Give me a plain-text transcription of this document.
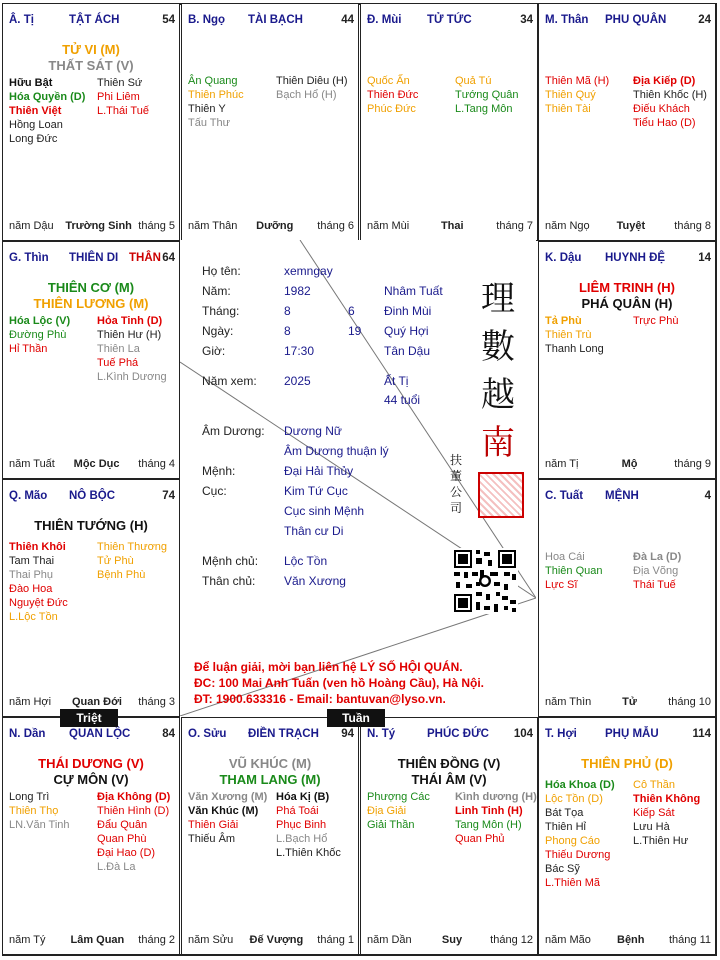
Â. Tị	TẬT ÁCH	54
TỬ VI (M)
THẤT SÁT (V)
Hữu Bật
Hóa Quyền (D)
Thiên Việt
Hồng Loan
Long Đức
Thiên Sứ
Phi Liêm
L.Thái Tuế
năm Dậu Trường Sinh tháng 5
B. Ngọ TÀI BẠCH	44
Ân Quang
Thiên Phúc
Thiên Y
Tấu Thư
Thiên Diêu (H)
Bạch Hổ (H)
năm Thân Dưỡng tháng 6
Đ. Mùi TỬ TỨC	34
Quốc Ấn
Thiên Đức
Phúc Đức
Quả Tú
Tướng Quân
L.Tang Môn
năm Mùi	Thai	tháng 7
M. Thân PHU QUÂN	24
Thiên Mã (H)
Thiên Quý
Thiên Tài
Địa Kiếp (D)
Thiên Khốc (H)
Điếu Khách
Tiểu Hao (D)
năm Ngọ Tuyệt	tháng 8
G. Thìn THIÊN DI THÂN 64
THIÊN CƠ (M)
THIÊN LƯƠNG (M)
Hóa Lộc (V)
Đường Phù
Hỉ Thần
Hỏa Tinh (D)
Thiên Hư (H)
Thiên La
Tuế Phá
L.Kình Dương
năm Tuất Mộc Dục tháng 4
K. Dậu HUYNH ĐỆ	14
LIÊM TRINH (H)
PHÁ QUÂN (H)
Tả Phù
Thiên Trù
Thanh Long
Trực Phù
năm Tị	Mộ	tháng 9
Q. Mão NÔ BỘC	74
THIÊN TƯỚNG (H)
Thiên Khôi
Tam Thai
Thai Phụ
Đào Hoa
Nguyệt Đức
L.Lộc Tồn
Thiên Thương
Tử Phù
Bệnh Phù
năm Hợi Quan Đới tháng 3
C. Tuất MỆNH	4
Hoa Cái
Thiên Quan
Lực Sĩ
Đà La (D)
Địa Võng
Thái Tuế
năm Thìn	Tử	tháng 10
N. Dần QUAN LỘC	84
THÁI DƯƠNG (V)
CỰ MÔN (V)
Long Trì
Thiên Thọ
LN.Văn Tinh
Địa Không (D)
Thiên Hình (D)
Đẩu Quân
Quan Phù
Đại Hao (D)
L.Đà La
năm Tý Lâm Quan tháng 2
O. Sửu ĐIỀN TRẠCH 94
VŨ KHÚC (M)
THAM LANG (M)
Văn Xương (M)
Văn Khúc (M)
Thiên Giải
Thiếu Âm
Hóa Kị (B)
Phá Toái
Phục Binh
L.Bạch Hổ
L.Thiên Khốc
năm Sửu Đế Vượng tháng 1
N. Tý	PHÚC ĐỨC 104
THIÊN ĐỒNG (V)
THÁI ÂM (V)
Phượng Các
Địa Giải
Giải Thần
Kình dương (H)
Linh Tinh (H)
Tang Môn (H)
Quan Phủ
năm Dần	Suy	tháng 12
T. Hợi PHỤ MẪU	114
THIÊN PHỦ (D)
Hóa Khoa (D)
Lộc Tồn (D)
Bát Tọa
Thiên Hỉ
Phong Cáo
Thiếu Dương
Bác Sỹ
L.Thiên Mã
Cô Thần
Thiên Không
Kiếp Sát
Lưu Hà
L.Thiên Hư
năm Mão Bệnh tháng 11
Họ tên:	xemngay
Năm:	1982	Nhâm Tuất
Tháng:	8	6 Đinh Mùi
Ngày:	8	19 Quý Hợi
Giờ:	17:30	Tân Dậu
Năm xem: 2025	Ất Tị
44 tuổi
Âm Dương: Dương Nữ
Âm Dương thuận lý
Mệnh:	Đại Hải Thủy
Cục:	Kim Tứ Cục
Cục sinh Mệnh
Thân cư Di
Mệnh chủ: Lộc Tồn
Thân chủ: Văn Xương
Để luận giải, mời bạn liên hệ LÝ SỐ HỘI QUÁN.
ĐC: 100 Mai Anh Tuấn (ven hồ Hoàng Cầu), Hà Nội.
ĐT: 1900.633316 - Email: bantuvan@lyso.vn.
理
數
越
南
扶董公司
Triệt	Tuần
